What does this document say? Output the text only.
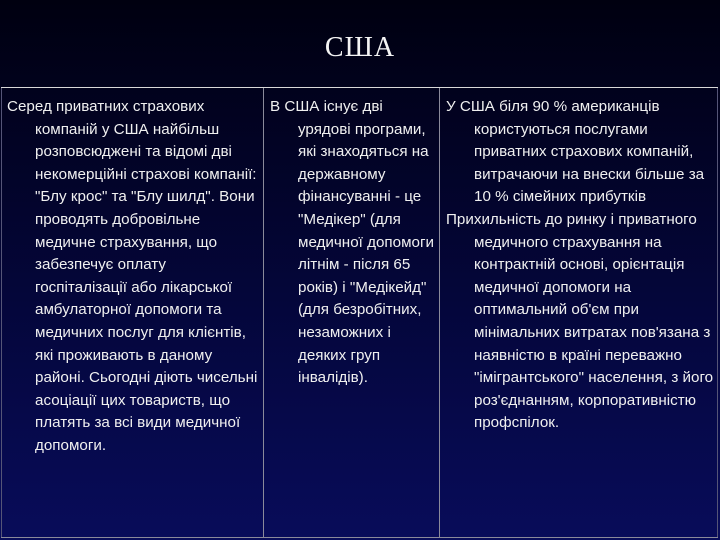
США

Серед приватних страхових компаній у США найбільш розповсюджені та відомі дві некомерційні страхові компанії: "Блу крос" та "Блу шилд". Вони проводять добровільне медичне страхування, що забезпечує оплату госпіталізації або лікарської амбулаторної допомоги та медичних послуг для клієнтів, які проживають в даному районі. Сьогодні діють чисельні асоціації цих товариств, що платять за всі види медичної допомоги.

В США існує дві урядові програми, які знаходяться на державному фінансуванні - це "Медікер" (для медичної допомоги літнім - після 65 років) і "Медікейд" (для безробітних, незаможних і деяких груп інвалідів).

У США біля 90 % американців користуються послугами приватних страхових компаній, витрачаючи на внески більше за 10 % сімейних прибутків

Прихильність до ринку і приватного медичного страхування на контрактній основі, орієнтація медичної допомоги на оптимальний об'єм при мінімальних витратах пов'язана з наявністю в країні переважно "імігрантського" населення, з його роз'єднанням, корпоративністю профспілок.
